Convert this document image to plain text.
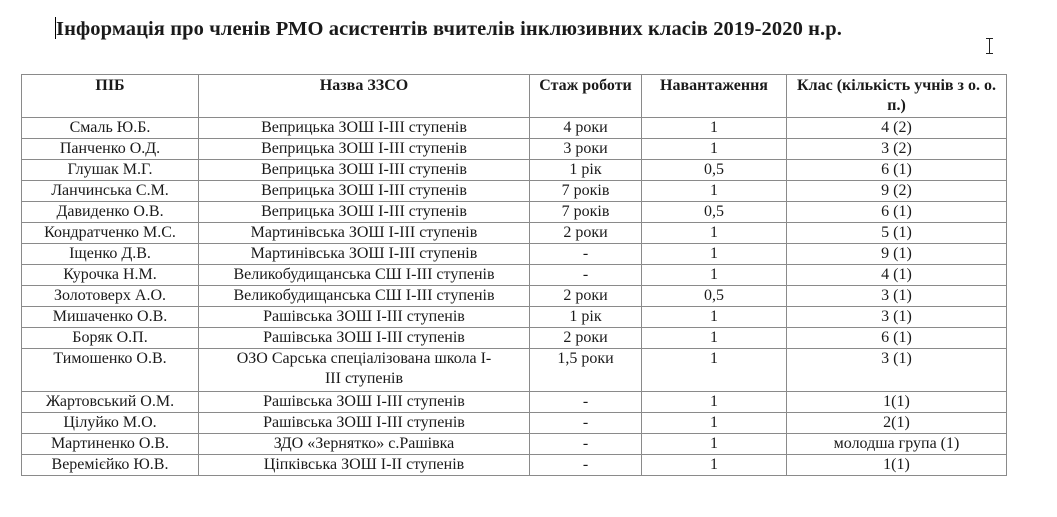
Інформація про членів РМО асистентів вчителів інклюзивних класів 2019-2020 н.р.
ПІБ	Назва ЗЗСО	Стаж роботи	Навантаження	Клас (кількість учнів з о. о. п.)
Смаль Ю.Б.	Веприцька ЗОШ І-ІІІ ступенів	4 роки	1	4 (2)
Панченко О.Д.	Веприцька ЗОШ І-ІІІ ступенів	3 роки	1	3 (2)
Глушак М.Г.	Веприцька ЗОШ І-ІІІ ступенів	1 рік	0,5	6 (1)
Ланчинська С.М.	Веприцька ЗОШ І-ІІІ ступенів	7 років	1	9 (2)
Давиденко О.В.	Веприцька ЗОШ І-ІІІ ступенів	7 років	0,5	6 (1)
Кондратченко М.С.	Мартинівська ЗОШ І-ІІІ ступенів	2 роки	1	5 (1)
Іщенко Д.В.	Мартинівська ЗОШ І-ІІІ ступенів	-	1	9 (1)
Курочка Н.М.	Великобудищанська СШ І-ІІІ ступенів	-	1	4 (1)
Золотоверх А.О.	Великобудищанська СШ І-ІІІ ступенів	2 роки	0,5	3 (1)
Мишаченко О.В.	Рашівська ЗОШ І-ІІІ ступенів	1 рік	1	3 (1)
Боряк О.П.	Рашівська ЗОШ І-ІІІ ступенів	2 роки	1	6 (1)
Тимошенко О.В.	ОЗО Сарська спеціалізована школа І-ІІІ ступенів	1,5 роки	1	3 (1)
Жартовський О.М.	Рашівська ЗОШ І-ІІІ ступенів	-	1	1(1)
Цілуйко М.О.	Рашівська ЗОШ І-ІІІ ступенів	-	1	2(1)
Мартиненко О.В.	ЗДО «Зернятко» с.Рашівка	-	1	молодша група (1)
Веремієйко Ю.В.	Ціпківська ЗОШ І-ІІ ступенів	-	1	1(1)
